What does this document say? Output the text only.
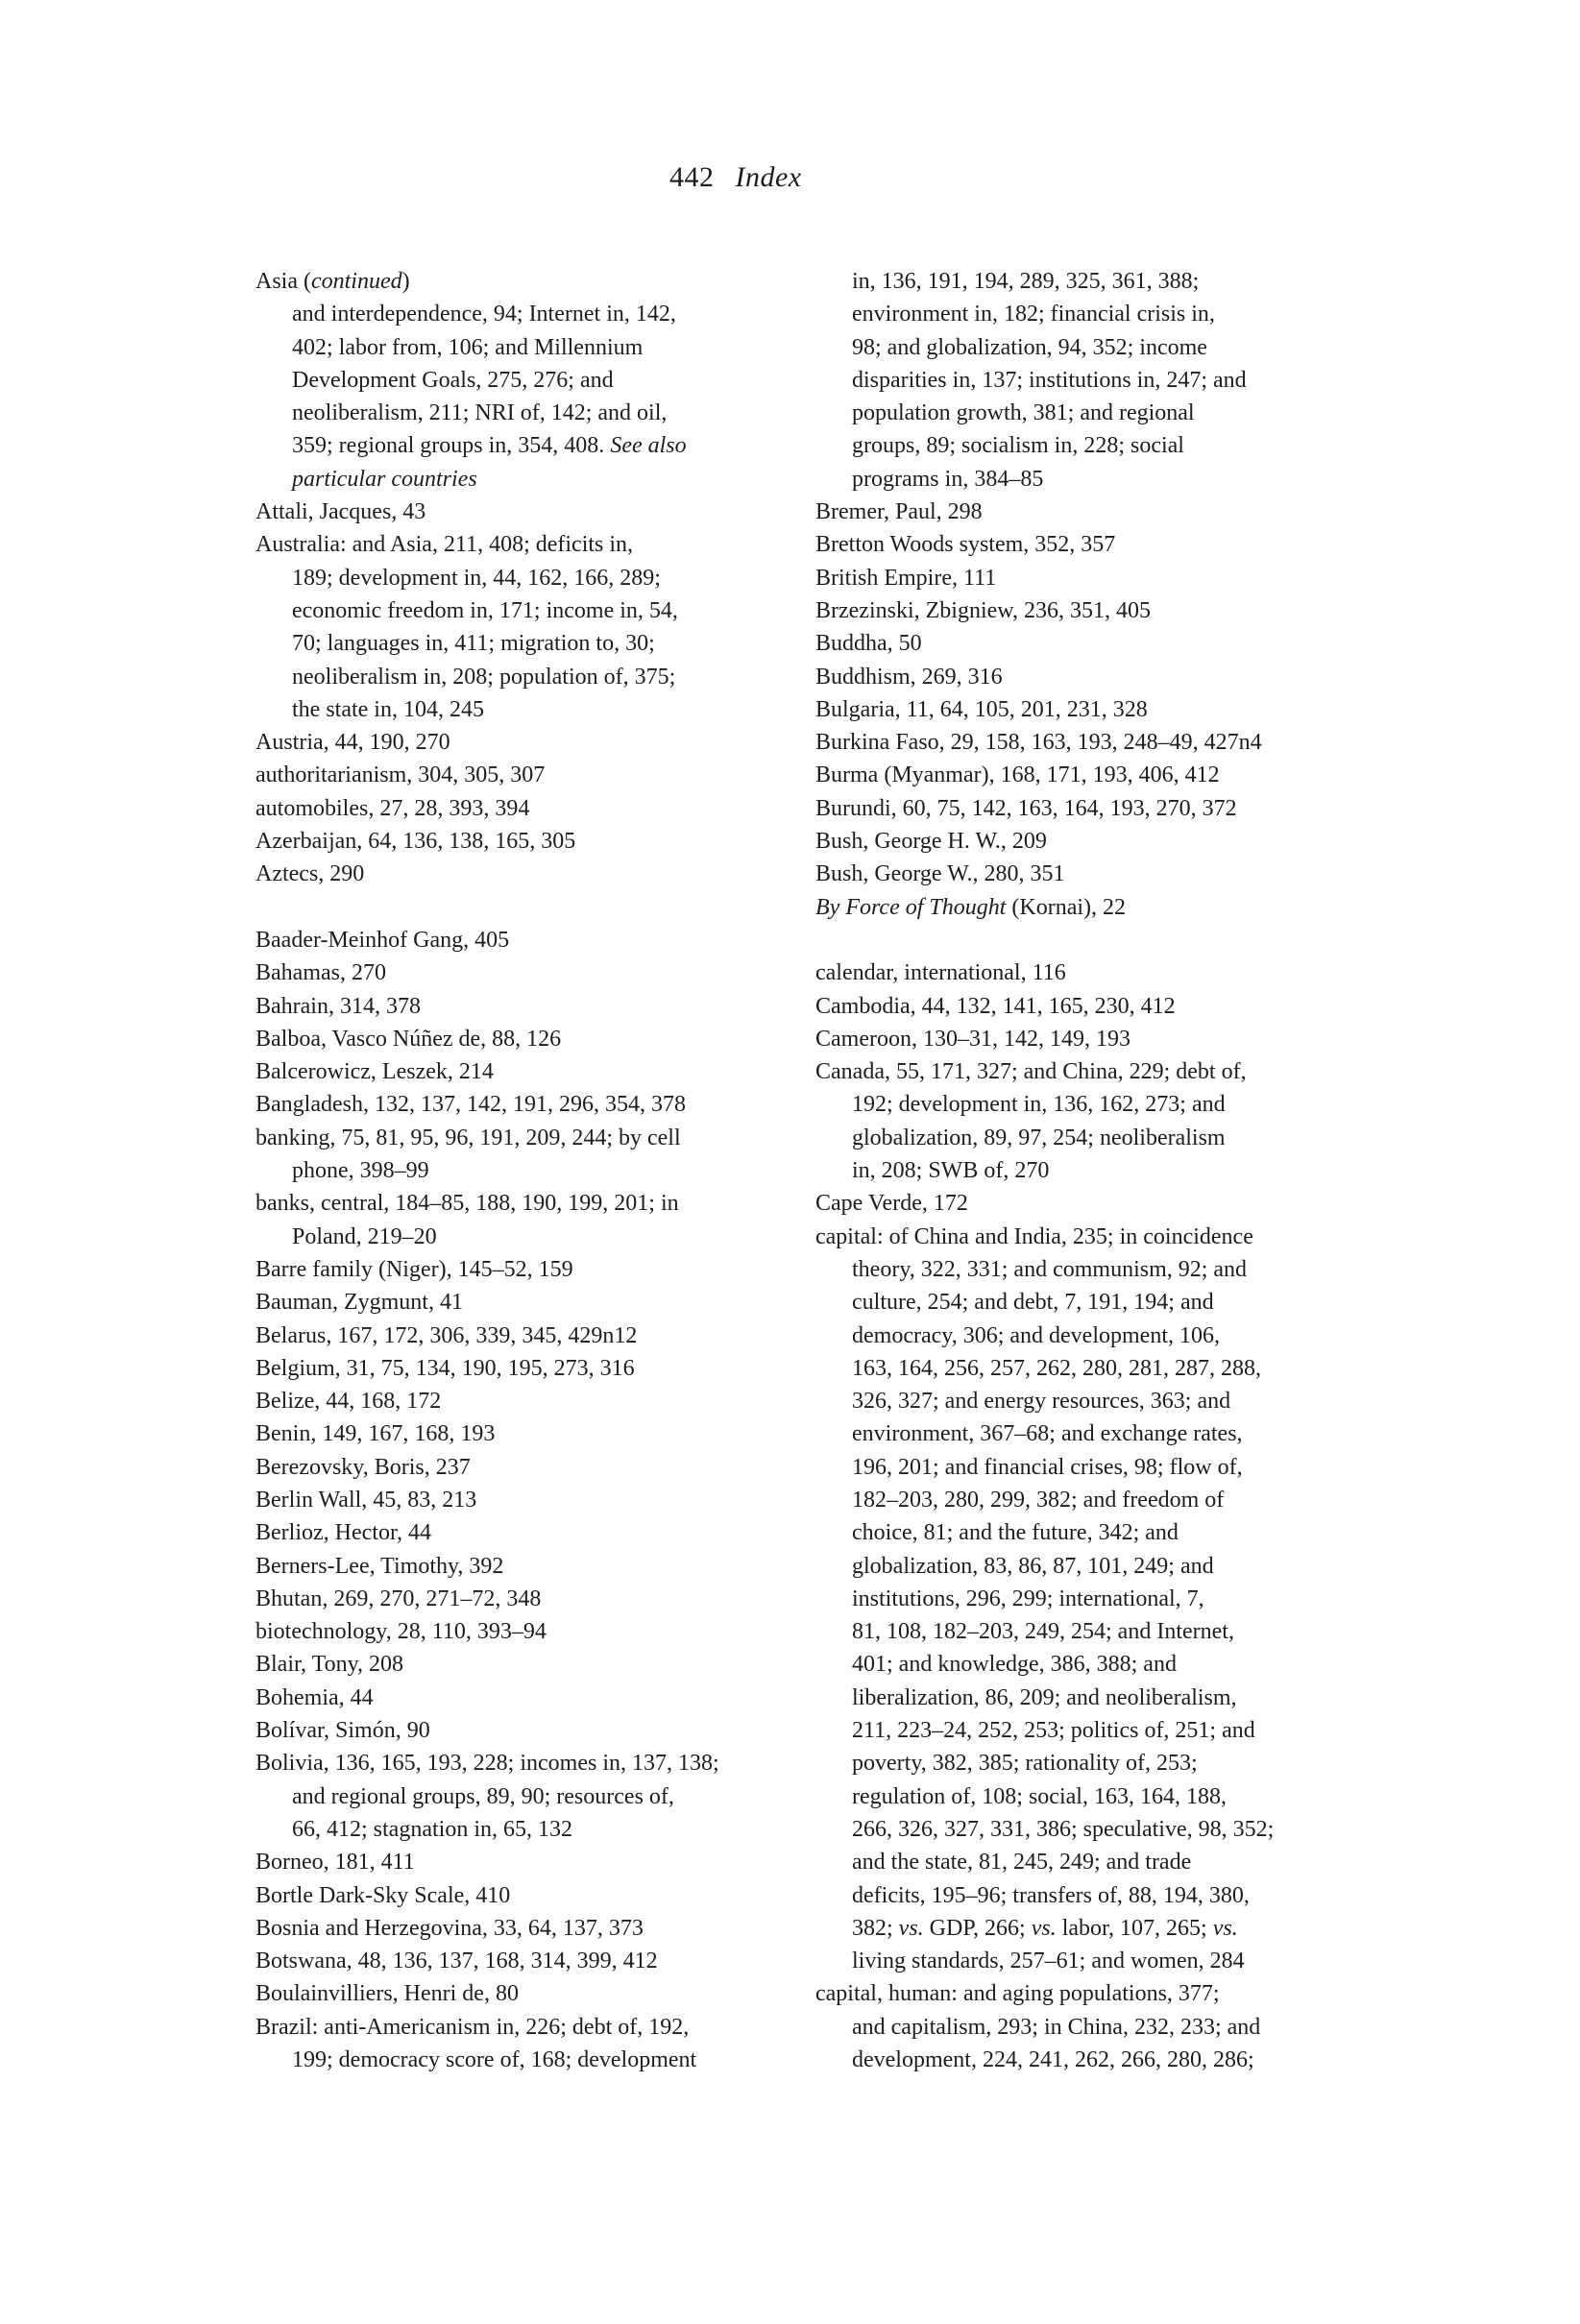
442 Index
Asia (continued)
and interdependence, 94; Internet in, 142,
402; labor from, 106; and Millennium
Development Goals, 275, 276; and
neoliberalism, 211; NRI of, 142; and oil,
359; regional groups in, 354, 408. See also
particular countries
Attali, Jacques, 43
Australia: and Asia, 211, 408; deficits in,
189; development in, 44, 162, 166, 289;
economic freedom in, 171; income in, 54,
70; languages in, 411; migration to, 30;
neoliberalism in, 208; population of, 375;
the state in, 104, 245
Austria, 44, 190, 270
authoritarianism, 304, 305, 307
automobiles, 27, 28, 393, 394
Azerbaijan, 64, 136, 138, 165, 305
Aztecs, 290

Baader-Meinhof Gang, 405
Bahamas, 270
Bahrain, 314, 378
Balboa, Vasco Núñez de, 88, 126
Balcerowicz, Leszek, 214
Bangladesh, 132, 137, 142, 191, 296, 354, 378
banking, 75, 81, 95, 96, 191, 209, 244; by cell
phone, 398–99
banks, central, 184–85, 188, 190, 199, 201; in
Poland, 219–20
Barre family (Niger), 145–52, 159
Bauman, Zygmunt, 41
Belarus, 167, 172, 306, 339, 345, 429n12
Belgium, 31, 75, 134, 190, 195, 273, 316
Belize, 44, 168, 172
Benin, 149, 167, 168, 193
Berezovsky, Boris, 237
Berlin Wall, 45, 83, 213
Berlioz, Hector, 44
Berners-Lee, Timothy, 392
Bhutan, 269, 270, 271–72, 348
biotechnology, 28, 110, 393–94
Blair, Tony, 208
Bohemia, 44
Bolívar, Simón, 90
Bolivia, 136, 165, 193, 228; incomes in, 137, 138;
and regional groups, 89, 90; resources of,
66, 412; stagnation in, 65, 132
Borneo, 181, 411
Bortle Dark-Sky Scale, 410
Bosnia and Herzegovina, 33, 64, 137, 373
Botswana, 48, 136, 137, 168, 314, 399, 412
Boulainvilliers, Henri de, 80
Brazil: anti-Americanism in, 226; debt of, 192,
199; democracy score of, 168; development
in, 136, 191, 194, 289, 325, 361, 388;
environment in, 182; financial crisis in,
98; and globalization, 94, 352; income
disparities in, 137; institutions in, 247; and
population growth, 381; and regional
groups, 89; socialism in, 228; social
programs in, 384–85
Bremer, Paul, 298
Bretton Woods system, 352, 357
British Empire, 111
Brzezinski, Zbigniew, 236, 351, 405
Buddha, 50
Buddhism, 269, 316
Bulgaria, 11, 64, 105, 201, 231, 328
Burkina Faso, 29, 158, 163, 193, 248–49, 427n4
Burma (Myanmar), 168, 171, 193, 406, 412
Burundi, 60, 75, 142, 163, 164, 193, 270, 372
Bush, George H. W., 209
Bush, George W., 280, 351
By Force of Thought (Kornai), 22

calendar, international, 116
Cambodia, 44, 132, 141, 165, 230, 412
Cameroon, 130–31, 142, 149, 193
Canada, 55, 171, 327; and China, 229; debt of,
192; development in, 136, 162, 273; and
globalization, 89, 97, 254; neoliberalism
in, 208; SWB of, 270
Cape Verde, 172
capital: of China and India, 235; in coincidence
theory, 322, 331; and communism, 92; and
culture, 254; and debt, 7, 191, 194; and
democracy, 306; and development, 106,
163, 164, 256, 257, 262, 280, 281, 287, 288,
326, 327; and energy resources, 363; and
environment, 367–68; and exchange rates,
196, 201; and financial crises, 98; flow of,
182–203, 280, 299, 382; and freedom of
choice, 81; and the future, 342; and
globalization, 83, 86, 87, 101, 249; and
institutions, 296, 299; international, 7,
81, 108, 182–203, 249, 254; and Internet,
401; and knowledge, 386, 388; and
liberalization, 86, 209; and neoliberalism,
211, 223–24, 252, 253; politics of, 251; and
poverty, 382, 385; rationality of, 253;
regulation of, 108; social, 163, 164, 188,
266, 326, 327, 331, 386; speculative, 98, 352;
and the state, 81, 245, 249; and trade
deficits, 195–96; transfers of, 88, 194, 380,
382; vs. GDP, 266; vs. labor, 107, 265; vs.
living standards, 257–61; and women, 284
capital, human: and aging populations, 377;
and capitalism, 293; in China, 232, 233; and
development, 224, 241, 262, 266, 280, 286;
